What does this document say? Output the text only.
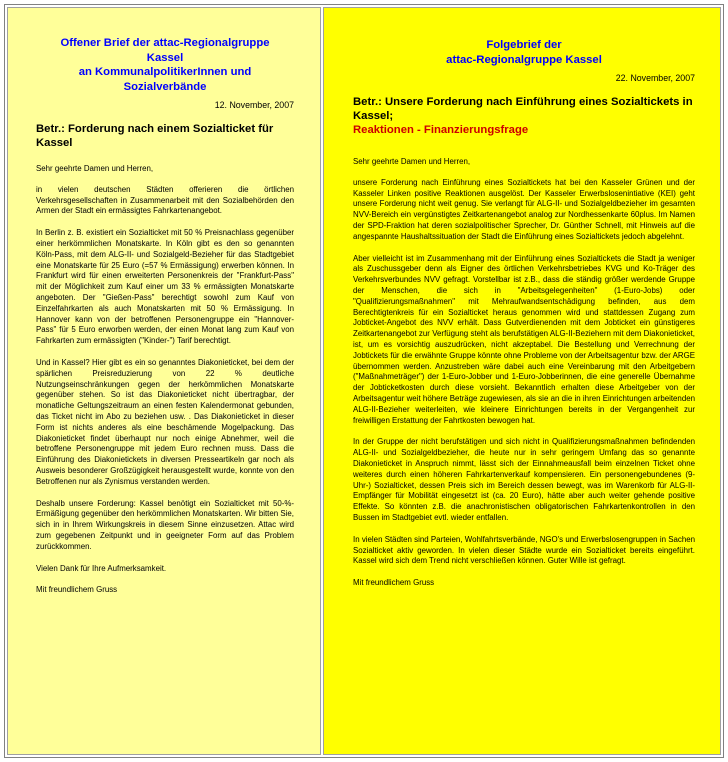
Offener Brief der attac-Regionalgruppe
Kassel
an KommunalpolitikerInnen und
Sozialverbände
12. November, 2007
Betr.: Forderung nach einem Sozialticket für Kassel

Sehr geehrte Damen und Herren,

in vielen deutschen Städten offerieren die örtlichen Verkehrsgesellschaften in Zusammenarbeit mit den Sozialbehörden den Armen der Stadt ein ermässigtes Fahrkartenangebot.

In Berlin z. B. existiert ein Sozialticket mit 50 % Preisnachlass gegenüber einer herkömmlichen Monatskarte. In Köln gibt es den so genannten Köln-Pass, mit dem ALG-II- und Sozialgeld-Bezieher für das Stadtgebiet eine Monatskarte für 25 Euro (=57 % Ermässigung) erwerben können. In Frankfurt wird für einen erweiterten Personenkreis der "Frankfurt-Pass" mit der Möglichkeit zum Kauf einer um 33 % ermässigten Monatskarte angeboten. Der "Gießen-Pass" berechtigt sowohl zum Kauf von Einzelfahrkarten als auch Monatskarten mit 50 % Ermässigung. In Hannover kann von der betroffenen Personengruppe ein "Hannover-Pass" für 5 Euro erworben werden, der einen Monat lang zum Kauf von Fahrkarten zum ermässigten ("Kinder-") Tarif berechtigt.

Und in Kassel? Hier gibt es ein so genanntes Diakonieticket, bei dem der spärlichen Preisreduzierung von 22 % deutliche Nutzungseinschränkungen gegen der herkömmlichen Monatskarte gegenüber stehen. So ist das Diakonieticket nicht übertragbar, der monatliche Geltungszeitraum an einen festen Kalendermonat gebunden, das Ticket nicht im Abo zu beziehen usw. . Das Diakonieticket in dieser Form ist nichts anderes als eine beschämende Mogelpackung. Das Diakonieticket findet überhaupt nur noch einige Abnehmer, weil die betroffene Personengruppe mit jedem Euro rechnen muss. Dass die Einführung des Diakonietickets in diversen Presseartikeln gar noch als Ausweis besonderer Großzügigkeit herausgestellt wurde, konnte von den Betroffenen nur als Zynismus verstanden werden.

Deshalb unsere Forderung: Kassel benötigt ein Sozialticket mit 50-%-Ermäßigung gegenüber den herkömmlichen Monatskarten. Wir bitten Sie, sich in in Ihrem Wirkungskreis in diesem Sinne einzusetzen. Attac wird zum gegebenen Zeitpunkt und in geeigneter Form auf das Problem zurückkommen.

Vielen Dank für Ihre Aufmerksamkeit.

Mit freundlichem Gruss

Folgebrief der
attac-Regionalgruppe Kassel
22. November, 2007
Betr.: Unsere Forderung nach Einführung eines Sozialtickets in Kassel;
Reaktionen - Finanzierungsfrage

Sehr geehrte Damen und Herren,

unsere Forderung nach Einführung eines Sozialtickets hat bei den Kasseler Grünen und der Kasseler Linken positive Reaktionen ausgelöst. Der Kasseler Erwerbslosenintiative (KEI) geht unsere Forderung nicht weit genug. Sie verlangt für ALG-II- und Sozialgeldbezieher im gesamten NVV-Bereich ein vergünstigtes Zeitkartenangebot analog zur Nordhessenkarte 60plus. Im Namen der SPD-Fraktion hat deren sozialpolitischer Sprecher, Dr. Günther Schnell, mit Hinweis auf die angespannte Haushaltssituation der Stadt die Einführung eines Sozialtickets jedoch abgelehnt.

Aber vielleicht ist im Zusammenhang mit der Einführung eines Sozialtickets die Stadt ja weniger als Zuschussgeber denn als Eigner des örtlichen Verkehrsbetriebes KVG und Ko-Träger des Verkehrsverbundes NVV gefragt. Vorstellbar ist z.B., dass die ständig größer werdende Gruppe der Menschen, die sich in "Arbeitsgelegenheiten" (1-Euro-Jobs) oder "Qualifizierungsmaßnahmen" mit Mehraufwandsentschädigung befinden, aus dem Berechtigtenkreis für ein Sozialticket heraus genommen wird und stattdessen Zugang zum Jobticket-Angebot des NVV erhält. Dass Gutverdienenden mit dem Jobticket ein günstigeres Zeitkartenangebot zur Verfügung steht als berufstätigen ALG-II-Beziehern mit dem Diakonieticket, ist, um es vorsichtig auszudrücken, nicht akzeptabel. Die Bestellung und Verrechnung der Jobtickets für die erwähnte Gruppe könnte ohne Probleme von der Arbeitsagentur bzw. der ARGE übernommen werden. Anzustreben wäre dabei auch eine Vereinbarung mit den Arbeitgebern ("Maßnahmeträger") der 1-Euro-Jobber und 1-Euro-Jobberinnen, die eine generelle Übernahme der Jobticketkosten durch diese vorsieht. Bekanntlich erhalten diese Arbeitgeber von der Arbeitsagentur weit höhere Beträge zugewiesen, als sie an die in ihren Einrichtungen arbeitenden ALG-II-Bezieher weiterleiten, wie kleinere Einrichtungen bereits in der Vergangenheit zur freiwilligen Erstattung der Fahrtkosten bewogen hat.

In der Gruppe der nicht berufstätigen und sich nicht in Qualifizierungsmaßnahmen befindenden ALG-II- und Sozialgeldbezieher, die heute nur in sehr geringem Umfang das so genannte Diakonieticket in Anspruch nimmt, lässt sich der Einnahmeausfall beim einzelnen Ticket ohne weiteres durch einen höheren Fahrkartenverkauf kompensieren. Ein personengebundenes (9-Uhr-) Sozialticket, dessen Preis sich im Bereich dessen bewegt, was im Warenkorb für ALG-II-Empfänger für Mobilität eingesetzt ist (ca. 20 Euro), hätte aber auch weiter gehende positive Effekte. So könnten z.B. die anachronistischen obligatorischen Fahrkartenkontrollen in den Bussen im Stadtgebiet evtl. wieder entfallen.

In vielen Städten sind Parteien, Wohlfahrtsverbände, NGO's und Erwerbslosengruppen in Sachen Sozialticket aktiv geworden. In vielen dieser Städte wurde ein Sozialticket bereits eingeführt. Kassel wird sich dem Trend nicht verschließen können. Guter Wille ist gefragt.

Mit freundlichem Gruss
